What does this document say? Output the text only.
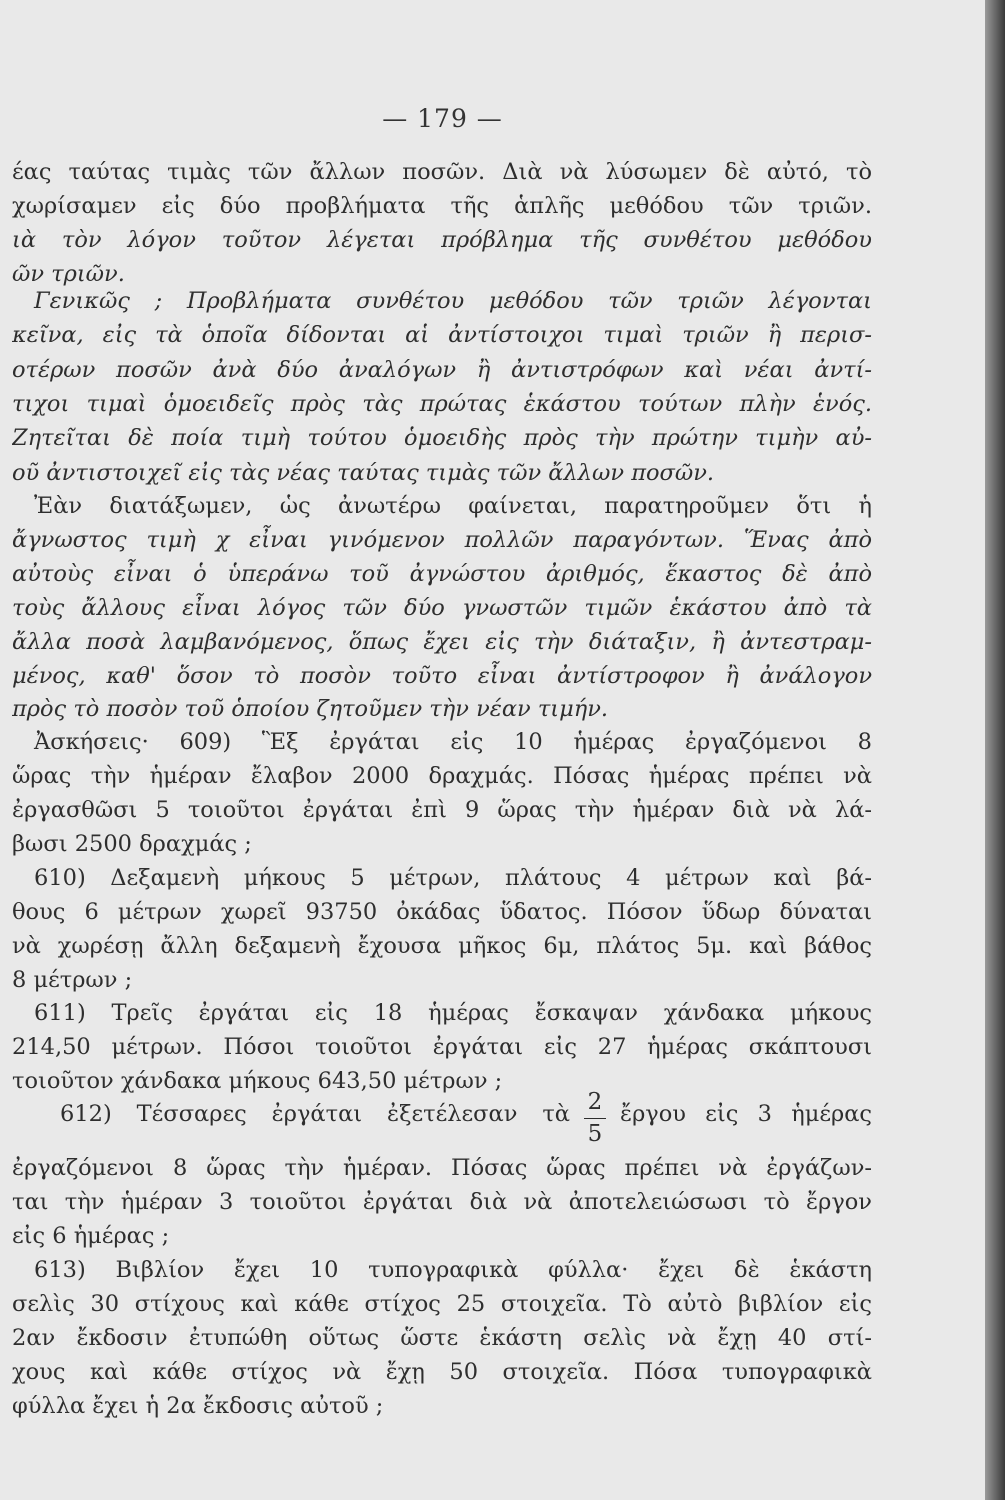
— 179 —
έας ταύτας τιμὰς τῶν ἄλλων ποσῶν. Διὰ νὰ λύσωμεν δὲ αὐτό, τὸ
χωρίσαμεν εἰς δύο προβλήματα τῆς ἁπλῆς μεθόδου τῶν τριῶν.
ιὰ τὸν λόγον τοῦτον λέγεται πρόβλημα τῆς συνθέτου μεθόδου
ῶν τριῶν.
Γενικῶς ; Προβλήματα συνθέτου μεθόδου τῶν τριῶν λέγονται
κεῖνα, εἰς τὰ ὁποῖα δίδονται αἱ ἀντίστοιχοι τιμαὶ τριῶν ἢ περισ-
οτέρων ποσῶν ἀνὰ δύο ἀναλόγων ἢ ἀντιστρόφων καὶ νέαι ἀντί-
τιχοι τιμαὶ ὁμοειδεῖς πρὸς τὰς πρώτας ἑκάστου τούτων πλὴν ἑνός.
Ζητεῖται δὲ ποία τιμὴ τούτου ὁμοειδὴς πρὸς τὴν πρώτην τιμὴν αὐ-
οῦ ἀντιστοιχεῖ εἰς τὰς νέας ταύτας τιμὰς τῶν ἄλλων ποσῶν.
Ἐὰν διατάξωμεν, ὡς ἀνωτέρω φαίνεται, παρατηροῦμεν ὅτι ἡ
ἄγνωστος τιμὴ χ εἶναι γινόμενον πολλῶν παραγόντων. Ἕνας ἀπὸ
αὐτοὺς εἶναι ὁ ὑπεράνω τοῦ ἀγνώστου ἀριθμός, ἕκαστος δὲ ἀπὸ
τοὺς ἄλλους εἶναι λόγος τῶν δύο γνωστῶν τιμῶν ἑκάστου ἀπὸ τὰ
ἄλλα ποσὰ λαμβανόμενος, ὅπως ἔχει εἰς τὴν διάταξιν, ἢ ἀντεστραμ-
μένος, καθ' ὅσον τὸ ποσὸν τοῦτο εἶναι ἀντίστροφον ἢ ἀνάλογον
πρὸς τὸ ποσὸν τοῦ ὁποίου ζητοῦμεν τὴν νέαν τιμήν.
Ἀσκήσεις· 609) Ἓξ ἐργάται εἰς 10 ἡμέρας ἐργαζόμενοι 8
ὥρας τὴν ἡμέραν ἔλαβον 2000 δραχμάς. Πόσας ἡμέρας πρέπει νὰ
ἐργασθῶσι 5 τοιοῦτοι ἐργάται ἐπὶ 9 ὥρας τὴν ἡμέραν διὰ νὰ λά-
βωσι 2500 δραχμάς ;
610) Δεξαμενὴ μήκους 5 μέτρων, πλάτους 4 μέτρων καὶ βά-
θους 6 μέτρων χωρεῖ 93750 ὀκάδας ὕδατος. Πόσον ὕδωρ δύναται
νὰ χωρέσῃ ἄλλη δεξαμενὴ ἔχουσα μῆκος 6μ, πλάτος 5μ. καὶ βάθος
8 μέτρων ;
611) Τρεῖς ἐργάται εἰς 18 ἡμέρας ἔσκαψαν χάνδακα μήκους
214,50 μέτρων. Πόσοι τοιοῦτοι ἐργάται εἰς 27 ἡμέρας σκάπτουσι
τοιοῦτον χάνδακα μήκους 643,50 μέτρων ;
612) Τέσσαρες ἐργάται ἐξετέλεσαν τὰ 2
5
ἔργου εἰς 3 ἡμέρας
ἐργαζόμενοι 8 ὥρας τὴν ἡμέραν. Πόσας ὥρας πρέπει νὰ ἐργάζων-
ται τὴν ἡμέραν 3 τοιοῦτοι ἐργάται διὰ νὰ ἀποτελειώσωσι τὸ ἔργον
εἰς 6 ἡμέρας ;
613) Βιβλίον ἔχει 10 τυπογραφικὰ φύλλα· ἔχει δὲ ἑκάστη
σελὶς 30 στίχους καὶ κάθε στίχος 25 στοιχεῖα. Τὸ αὐτὸ βιβλίον εἰς
2αν ἔκδοσιν ἐτυπώθη οὕτως ὥστε ἑκάστη σελὶς νὰ ἔχῃ 40 στί-
χους καὶ κάθε στίχος νὰ ἔχῃ 50 στοιχεῖα. Πόσα τυπογραφικὰ
φύλλα ἔχει ἡ 2α ἔκδοσις αὐτοῦ ;
